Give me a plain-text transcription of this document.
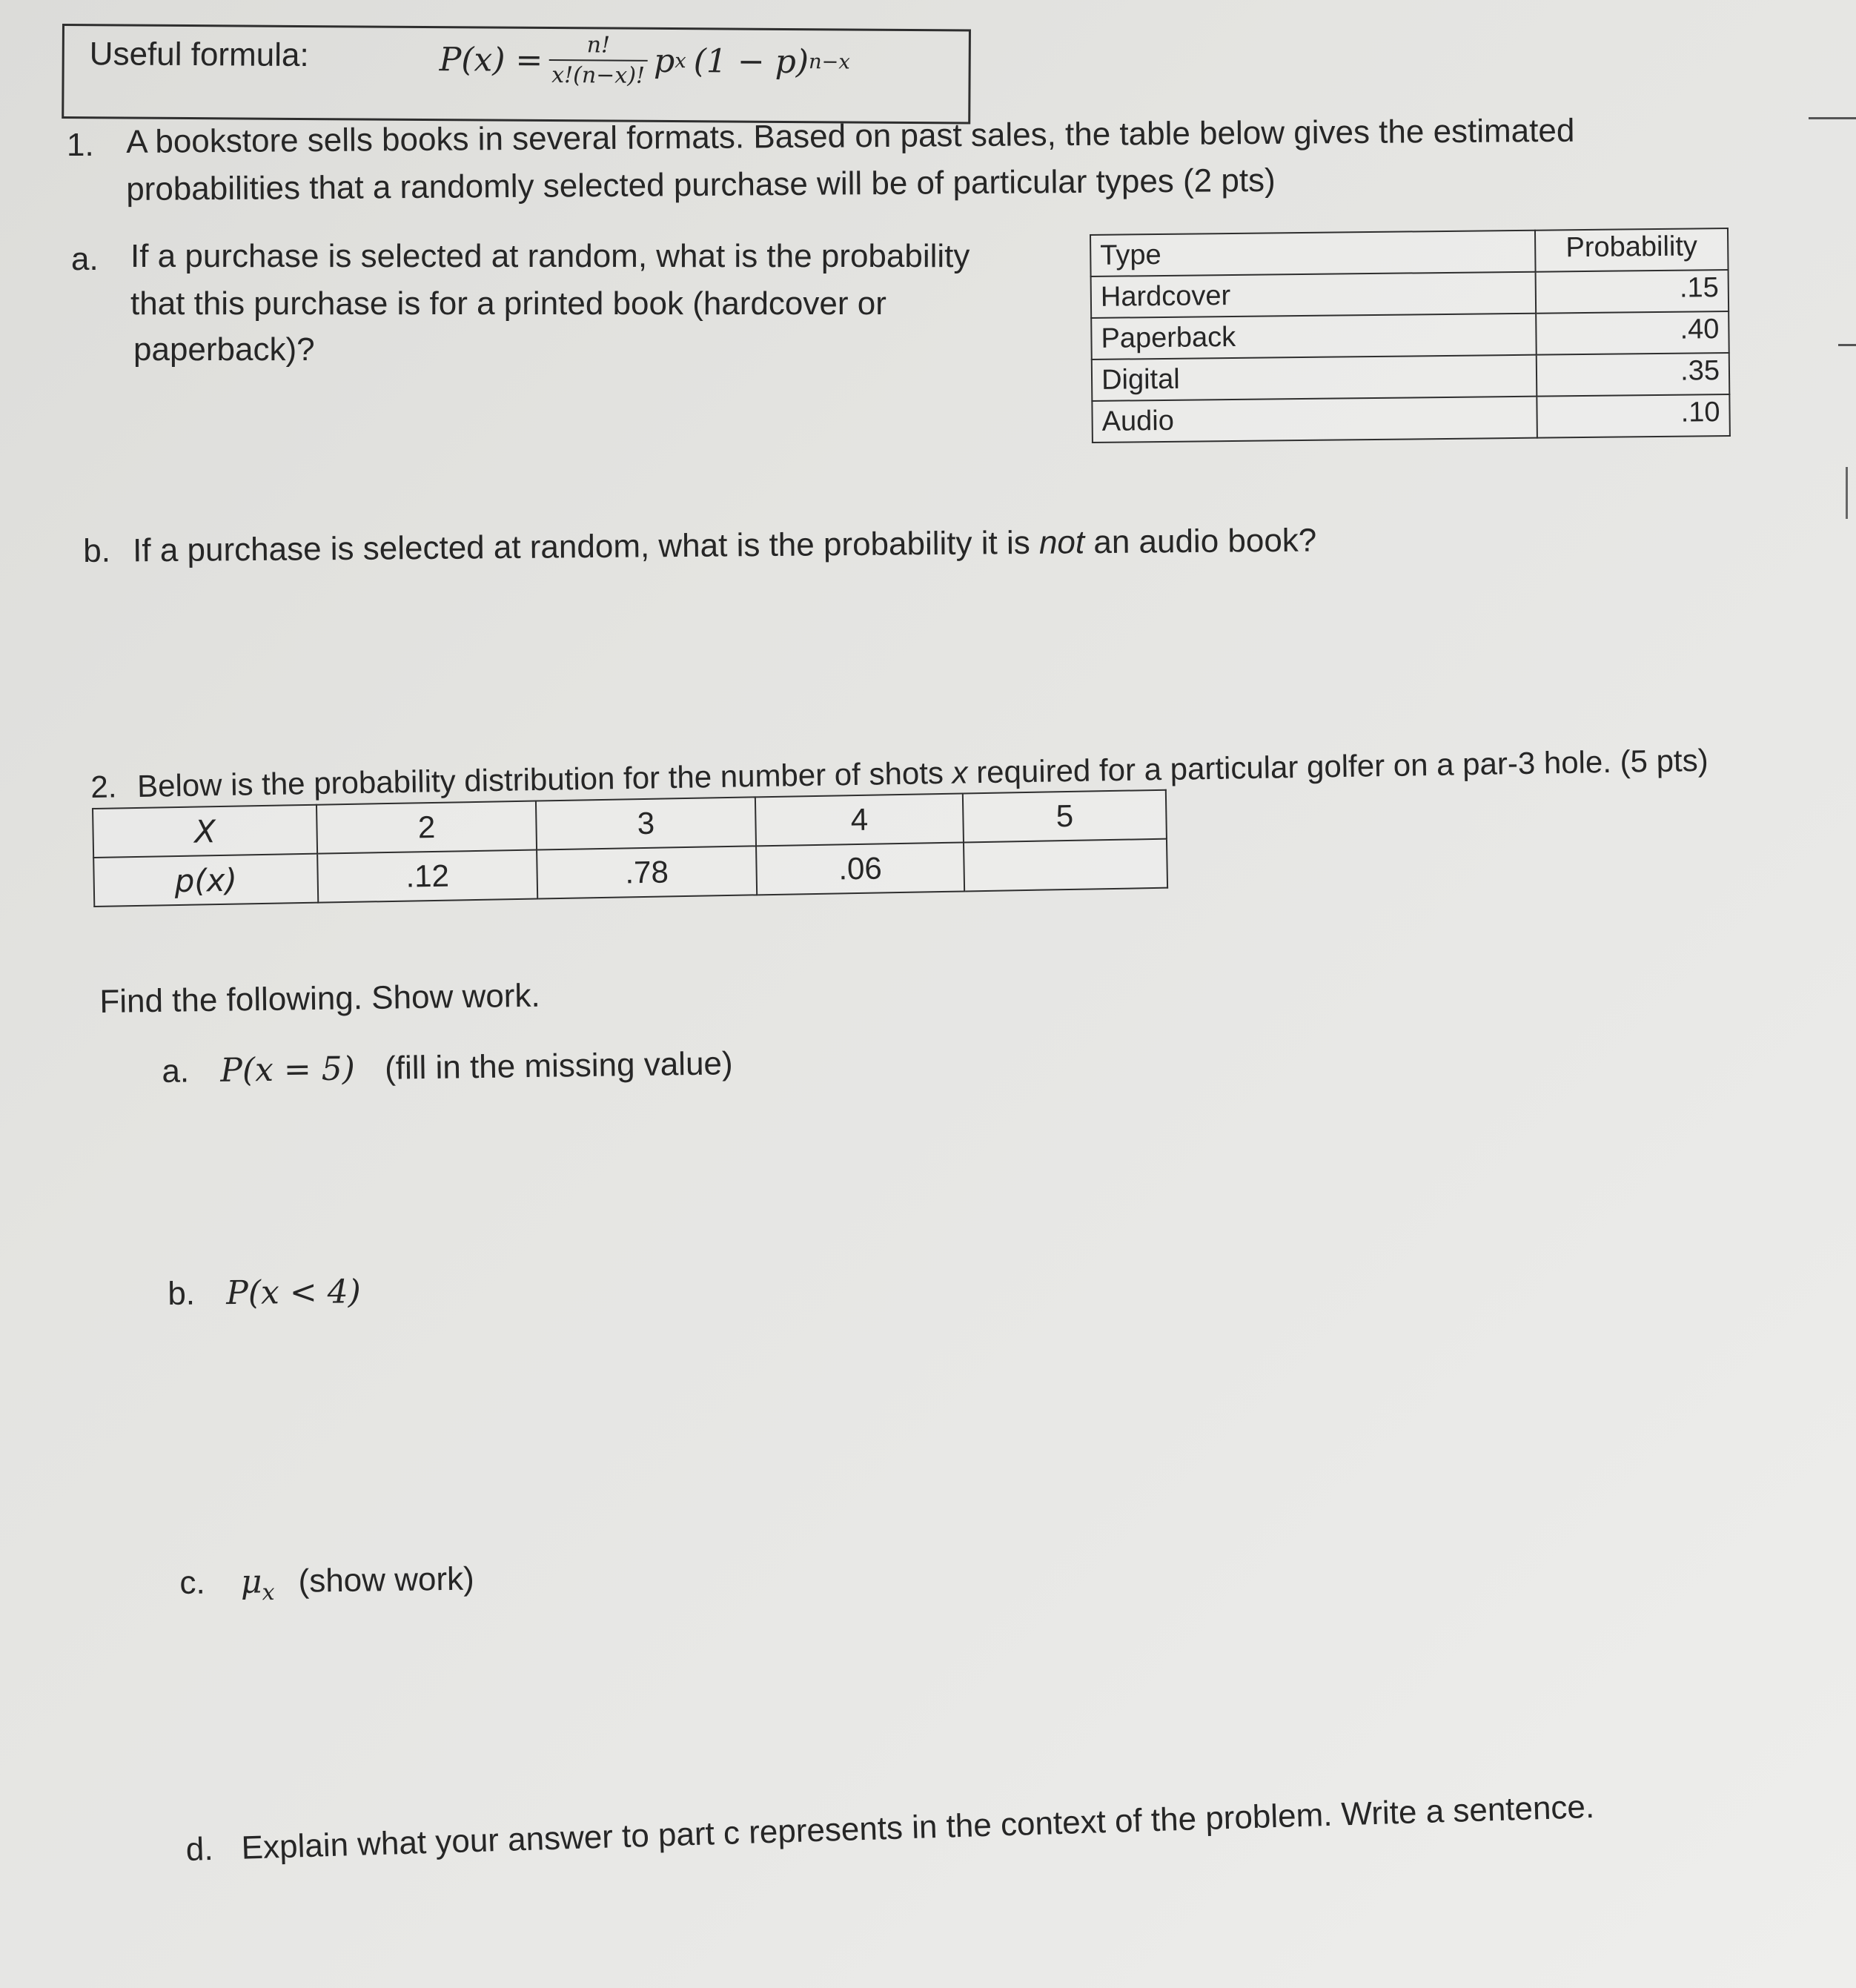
Useful formula:	$P(x) = \frac{n!}{x!(n-x)!}$ p x (1 − p) n−x
1. A bookstore sells books in several formats. Based on past sales, the table below gives the estimated
probabilities that a randomly selected purchase will be of particular types (2 pts)
a. If a purchase is selected at random, what is the probability
that this purchase is for a printed book (hardcover or
paperback)?
Type	Probability
Hardcover	.15
Paperback	.40
Digital	.35
Audio	.10
b. If a purchase is selected at random, what is the probability it is not an audio book?
2. Below is the probability distribution for the number of shots x required for a particular golfer on a par-3 hole. (5 pts)
X	2	3	4	5
p(x)	.12	.78	.06	
Find the following. Show work.
a. P(x = 5) (fill in the missing value)
b. P(x < 4)
c. $\mu_x$ (show work)
d. Explain what your answer to part c represents in the context of the problem. Write a sentence.
